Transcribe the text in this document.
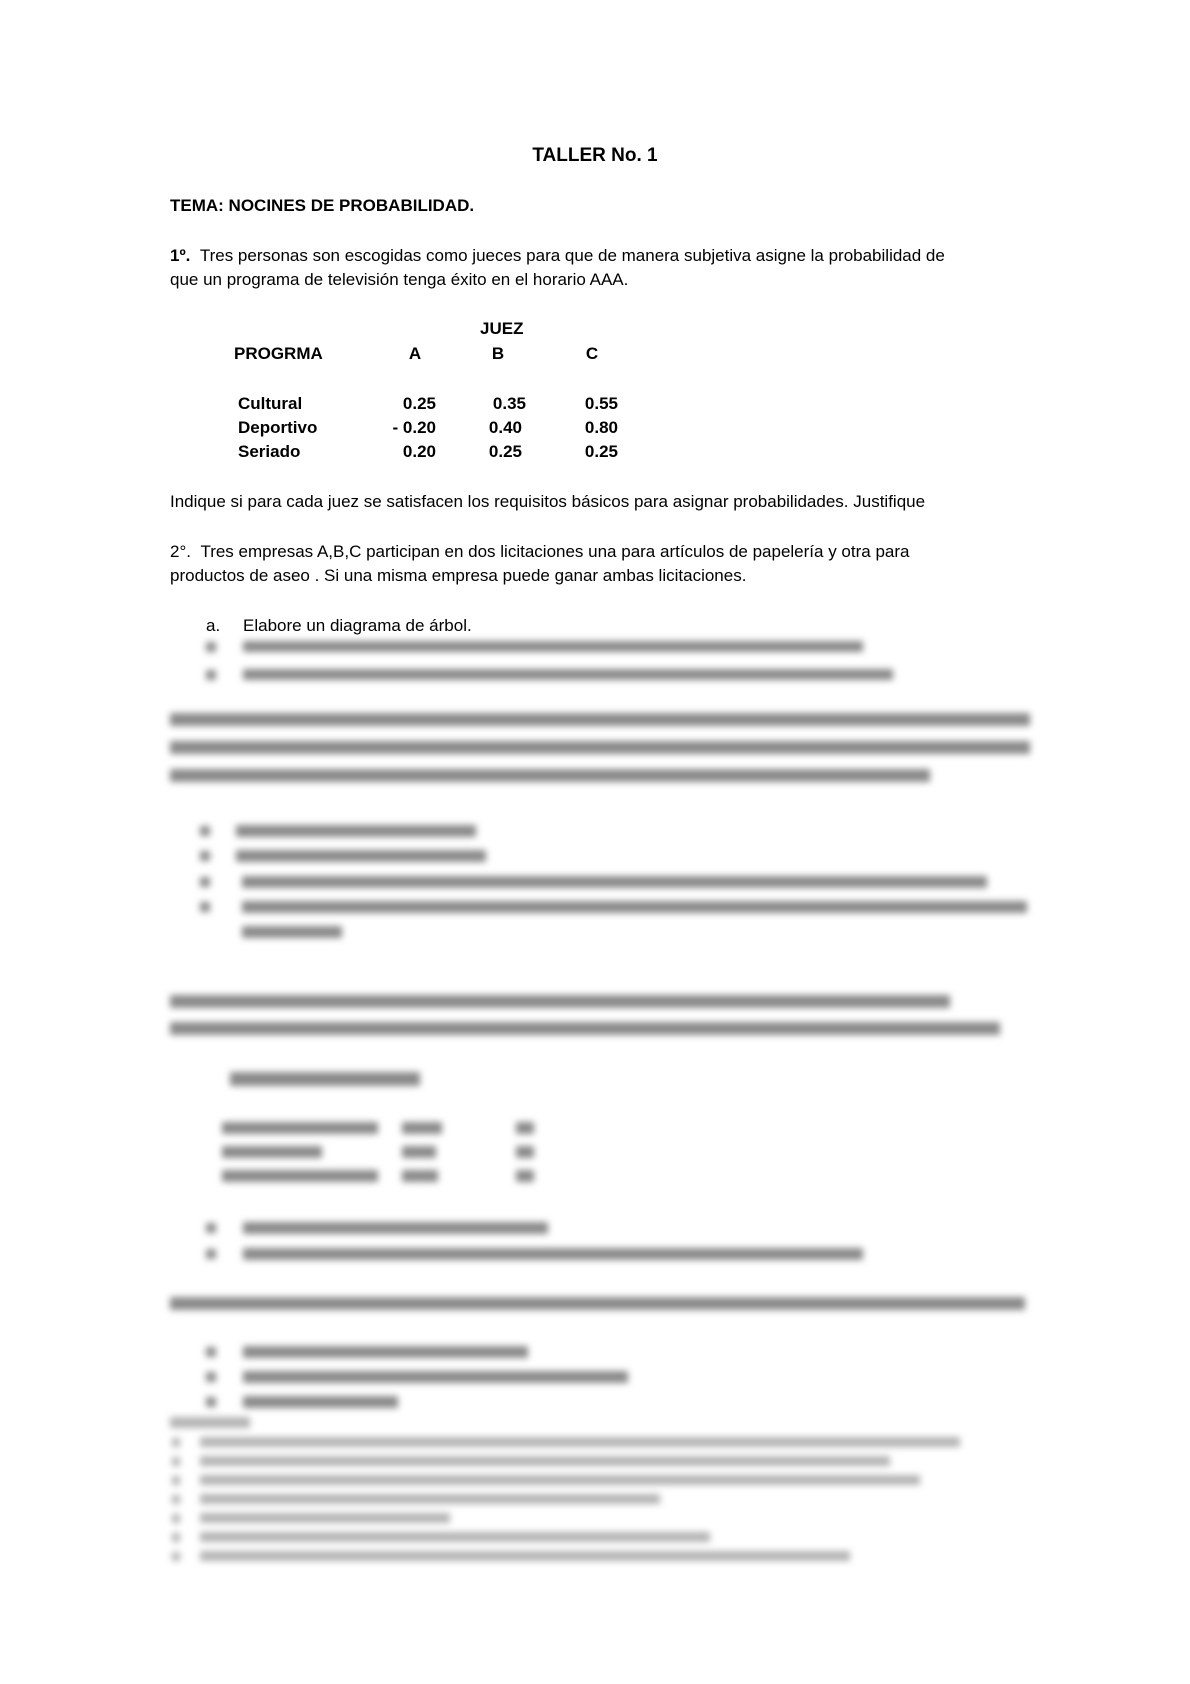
TALLER No. 1
TEMA: NOCINES DE PROBABILIDAD.
1º. Tres personas son escogidas como jueces para que de manera subjetiva asigne la probabilidad de
que un programa de televisión tenga éxito en el horario AAA.
JUEZ
PROGRMA	A	B	C
Cultural	0.25	0.35	0.55
Deportivo	- 0.20	0.40	0.80
Seriado	0.20	0.25	0.25
Indique si para cada juez se satisfacen los requisitos básicos para asignar probabilidades. Justifique
2°. Tres empresas A,B,C participan en dos licitaciones una para artículos de papelería y otra para
productos de aseo . Si una misma empresa puede ganar ambas licitaciones.
a. Elabore un diagrama de árbol.
